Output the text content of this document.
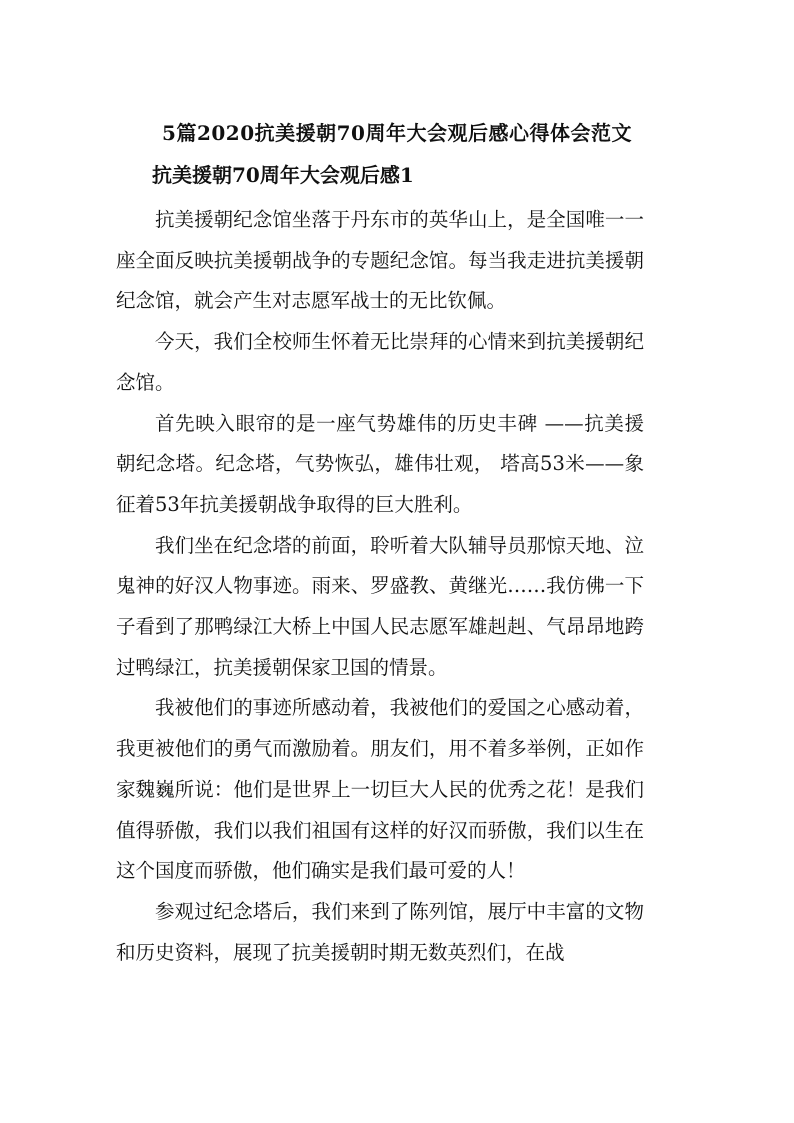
5篇2020抗美援朝70周年大会观后感心得体会范文
抗美援朝70周年大会观后感1

抗美援朝纪念馆坐落于丹东市的英华山上，是全国唯一一座全面反映抗美援朝战争的专题纪念馆。每当我走进抗美援朝纪念馆，就会产生对志愿军战士的无比钦佩。

今天，我们全校师生怀着无比崇拜的心情来到抗美援朝纪念馆。

首先映入眼帘的是一座气势雄伟的历史丰碑 ——抗美援朝纪念塔。纪念塔，气势恢弘，雄伟壮观， 塔高53米——象征着53年抗美援朝战争取得的巨大胜利。

我们坐在纪念塔的前面，聆听着大队辅导员那惊天地、泣鬼神的好汉人物事迹。雨来、罗盛教、黄继光……我仿佛一下子看到了那鸭绿江大桥上中国人民志愿军雄赳赳、气昂昂地跨过鸭绿江，抗美援朝保家卫国的情景。

我被他们的事迹所感动着，我被他们的爱国之心感动着，我更被他们的勇气而激励着。朋友们，用不着多举例，正如作家魏巍所说：他们是世界上一切巨大人民的优秀之花！是我们值得骄傲，我们以我们祖国有这样的好汉而骄傲，我们以生在这个国度而骄傲，他们确实是我们最可爱的人！

参观过纪念塔后，我们来到了陈列馆，展厅中丰富的文物和历史资料，展现了抗美援朝时期无数英烈们，在战
